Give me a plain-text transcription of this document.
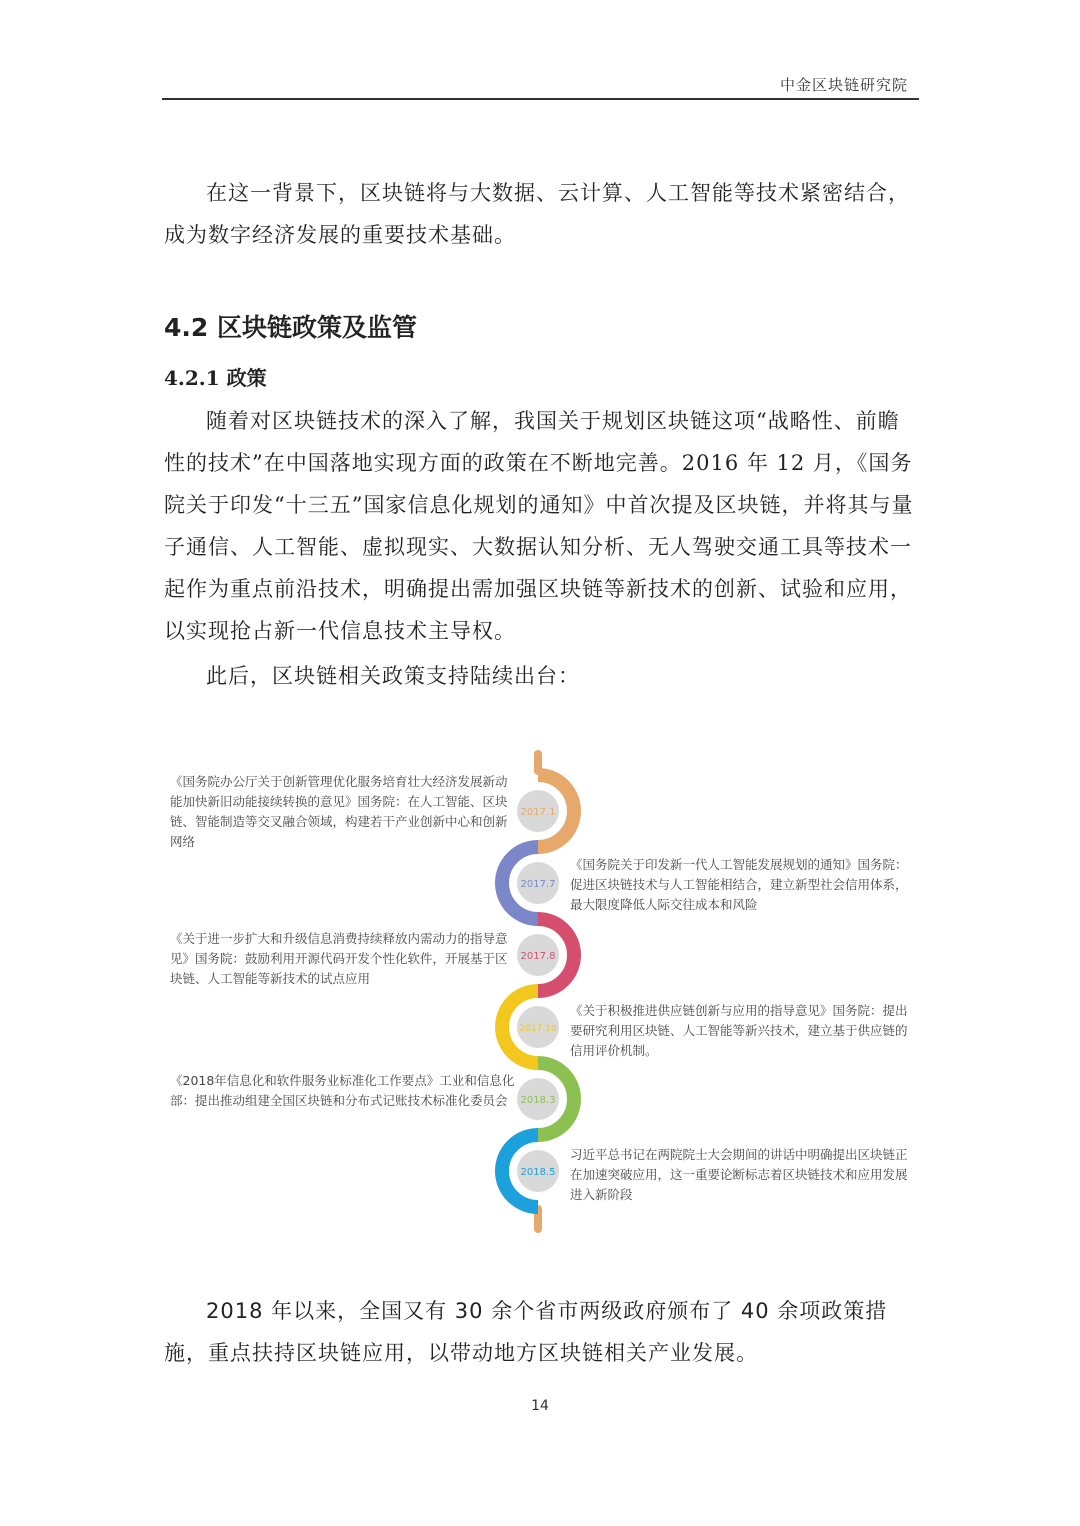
中金区块链研究院

在这一背景下，区块链将与大数据、云计算、人工智能等技术紧密结合，成为数字经济发展的重要技术基础。

4.2 区块链政策及监管
4.2.1 政策

随着对区块链技术的深入了解，我国关于规划区块链这项“战略性、前瞻性的技术”在中国落地实现方面的政策在不断地完善。2016 年 12 月，《国务院关于印发“十三五”国家信息化规划的通知》中首次提及区块链，并将其与量子通信、人工智能、虚拟现实、大数据认知分析、无人驾驶交通工具等技术一起作为重点前沿技术，明确提出需加强区块链等新技术的创新、试验和应用，以实现抢占新一代信息技术主导权。

此后，区块链相关政策支持陆续出台：

2017.1
2017.7
2017.8
2017.10
2018.3
2018.5

《国务院办公厅关于创新管理优化服务培育壮大经济发展新动能加快新旧动能接续转换的意见》国务院：在人工智能、区块链、智能制造等交叉融合领域，构建若干产业创新中心和创新网络

《国务院关于印发新一代人工智能发展规划的通知》国务院：促进区块链技术与人工智能相结合，建立新型社会信用体系，最大限度降低人际交往成本和风险

《关于进一步扩大和升级信息消费持续释放内需动力的指导意见》国务院：鼓励利用开源代码开发个性化软件，开展基于区块链、人工智能等新技术的试点应用

《关于积极推进供应链创新与应用的指导意见》国务院：提出要研究利用区块链、人工智能等新兴技术，建立基于供应链的信用评价机制。

《2018年信息化和软件服务业标准化工作要点》工业和信息化部：提出推动组建全国区块链和分布式记账技术标准化委员会

习近平总书记在两院院士大会期间的讲话中明确提出区块链正在加速突破应用，这一重要论断标志着区块链技术和应用发展进入新阶段

2018 年以来，全国又有 30 余个省市两级政府颁布了 40 余项政策措施，重点扶持区块链应用，以带动地方区块链相关产业发展。

14
